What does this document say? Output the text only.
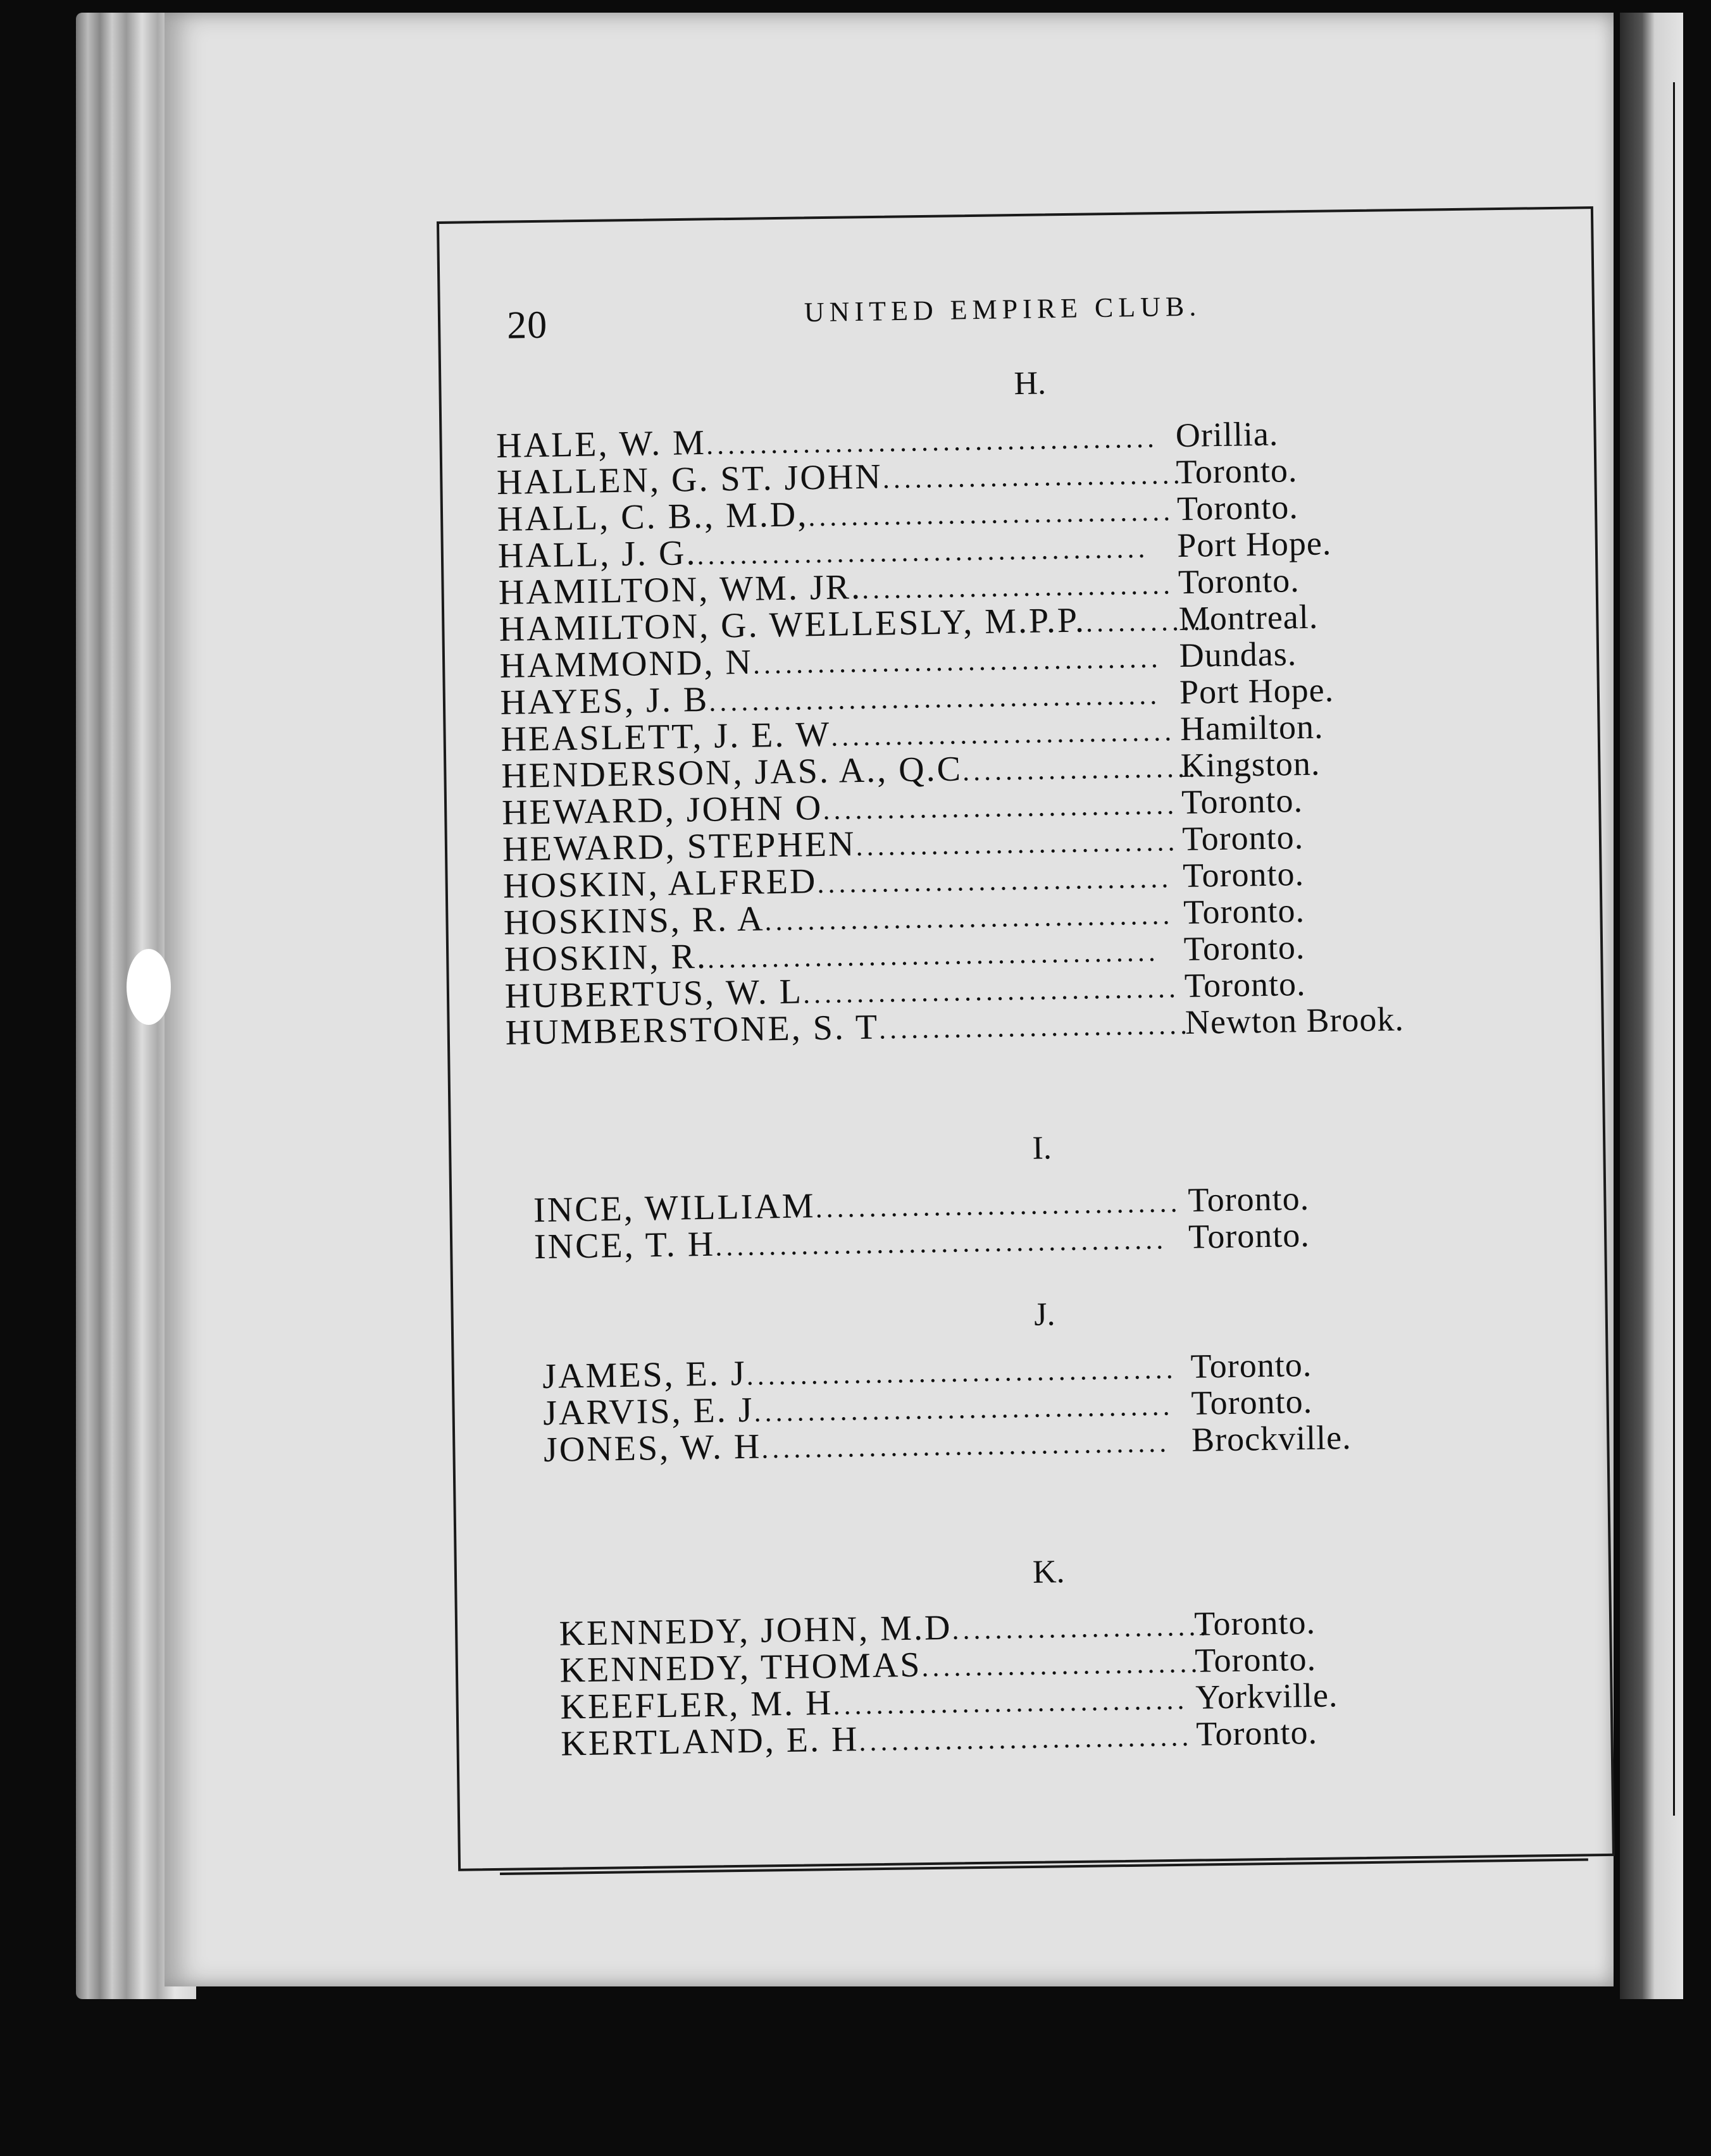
20	UNITED EMPIRE CLUB.
H.
HALE, W. M .......................................... Orillia.
HALLEN, G. ST. JOHN ............................
Toronto.
HALL, C. B., M.D, .................................. Toronto.
HALL, J. G. .......................................... Port Hope.
HAMILTON, WM. JR. ............................. Toronto.
HAMILTON, G. WELLESLY, M.P.P. ............
Montreal.
HAMMOND, N ...................................... Dundas.
HAYES, J. B .......................................... Port Hope.
HEASLETT, J. E. W ................................ Hamilton.
HENDERSON, JAS. A., Q.C ......................
Kingston.
HEWARD, JOHN O ................................. Toronto.
HEWARD, STEPHEN .............................. Toronto.
HOSKIN, ALFRED ................................. Toronto.
HOSKINS, R. A ...................................... Toronto.
HOSKIN, R. .......................................... Toronto.
HUBERTUS, W. L ................................... Toronto.
HUMBERSTONE, S. T .............................
Newton Brook.
I.
INCE, WILLIAM .................................. Toronto.
INCE, T. H .......................................... Toronto.
J.
JAMES, E. J ........................................ Toronto.
JARVIS, E. J ....................................... Toronto.
JONES, W. H ...................................... Brockville.
K.
KENNEDY, JOHN, M.D ........................
Toronto.
KENNEDY, THOMAS ..........................
Toronto.
KEEFLER, M. H ................................. Yorkville.
KERTLAND, E. H ............................... Toronto.
